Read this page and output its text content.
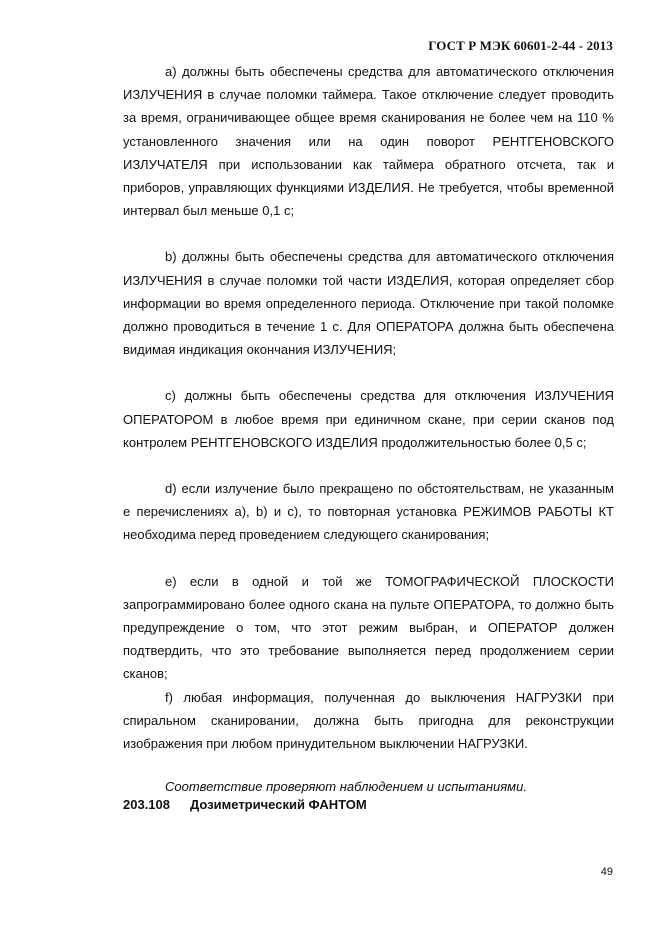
ГОСТ Р МЭК 60601-2-44 - 2013

а) должны быть обеспечены средства для автоматического отключения ИЗЛУЧЕНИЯ в случае поломки таймера. Такое отключение следует проводить за время, ограничивающее общее время сканирования не более чем на 110 % установленного значения или на один поворот РЕНТГЕНОВСКОГО ИЗЛУЧАТЕЛЯ при использовании как таймера обратного отсчета, так и приборов, управляющих функциями ИЗДЕЛИЯ. Не требуется, чтобы временной интервал был меньше 0,1 с;

b) должны быть обеспечены средства для автоматического отключения ИЗЛУЧЕНИЯ в случае поломки той части ИЗДЕЛИЯ, которая определяет сбор информации во время определенного периода. Отключение при такой поломке должно проводиться в течение 1 с. Для ОПЕРАТОРА должна быть обеспечена видимая индикация окончания ИЗЛУЧЕНИЯ;

с) должны быть обеспечены средства для отключения ИЗЛУЧЕНИЯ ОПЕРАТОРОМ в любое время при единичном скане, при серии сканов под контролем РЕНТГЕНОВСКОГО ИЗДЕЛИЯ продолжительностью более 0,5 с;

d) если излучение было прекращено по обстоятельствам, не указанным е перечислениях а), b) и с), то повторная установка РЕЖИМОВ РАБОТЫ КТ необходима перед проведением следующего сканирования;

е) если в одной и той же ТОМОГРАФИЧЕСКОЙ ПЛОСКОСТИ запрограммировано более одного скана на пульте ОПЕРАТОРА, то должно быть предупреждение о том, что этот режим выбран, и ОПЕРАТОР должен подтвердить, что это требование выполняется перед продолжением серии сканов;

f) любая информация, полученная до выключения НАГРУЗКИ при спиральном сканировании, должна быть пригодна для реконструкции изображения при любом принудительном выключении НАГРУЗКИ.

Соответствие проверяют наблюдением и испытаниями.

203.108 Дозиметрический ФАНТОМ
49
